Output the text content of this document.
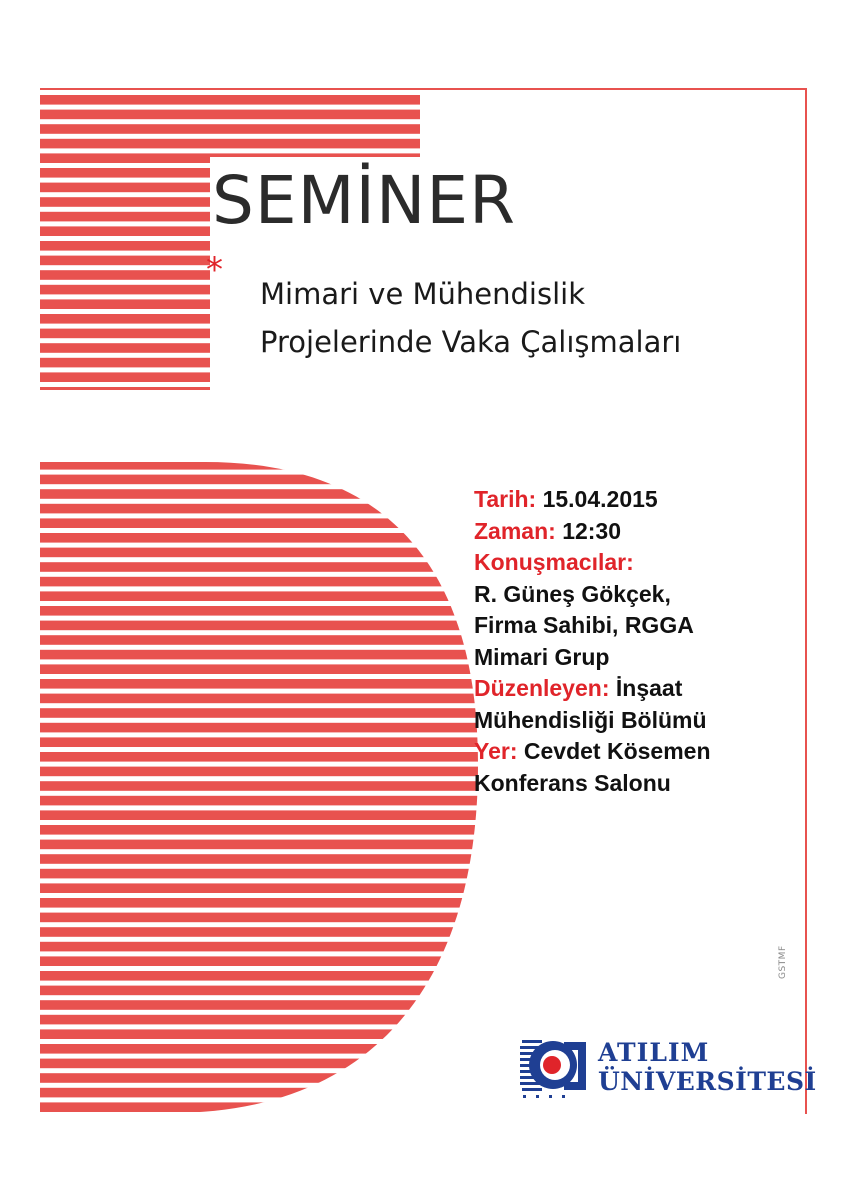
SEMİNER
*
Mimari ve Mühendislik
Projelerinde Vaka Çalışmaları
Tarih: 15.04.2015
Zaman: 12:30
Konuşmacılar:
R. Güneş Gökçek,
Firma Sahibi, RGGA
Mimari Grup
Düzenleyen: İnşaat
Mühendisliği Bölümü
Yer: Cevdet Kösemen
Konferans Salonu
GSTMF
ATILIM
ÜNİVERSİTESİ
